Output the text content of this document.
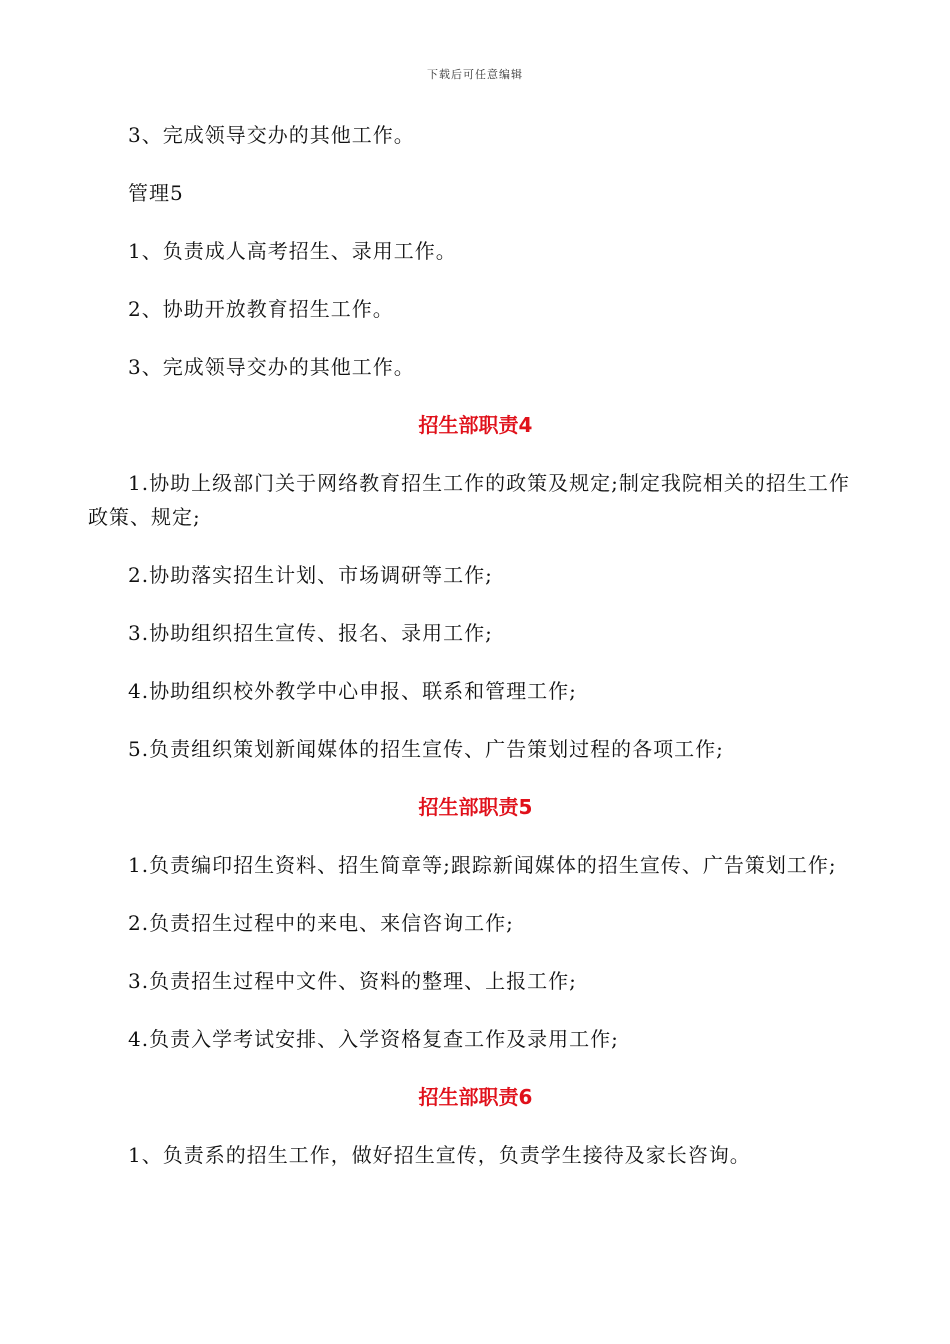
下载后可任意编辑

3、完成领导交办的其他工作。

管理5

1、负责成人高考招生、录用工作。

2、协助开放教育招生工作。

3、完成领导交办的其他工作。

招生部职责4

1.协助上级部门关于网络教育招生工作的政策及规定;制定我院相关的招生工作政策、规定;

2.协助落实招生计划、市场调研等工作;

3.协助组织招生宣传、报名、录用工作;

4.协助组织校外教学中心申报、联系和管理工作;

5.负责组织策划新闻媒体的招生宣传、广告策划过程的各项工作;

招生部职责5

1.负责编印招生资料、招生简章等;跟踪新闻媒体的招生宣传、广告策划工作;

2.负责招生过程中的来电、来信咨询工作;

3.负责招生过程中文件、资料的整理、上报工作;

4.负责入学考试安排、入学资格复查工作及录用工作;

招生部职责6

1、负责系的招生工作，做好招生宣传，负责学生接待及家长咨询。
